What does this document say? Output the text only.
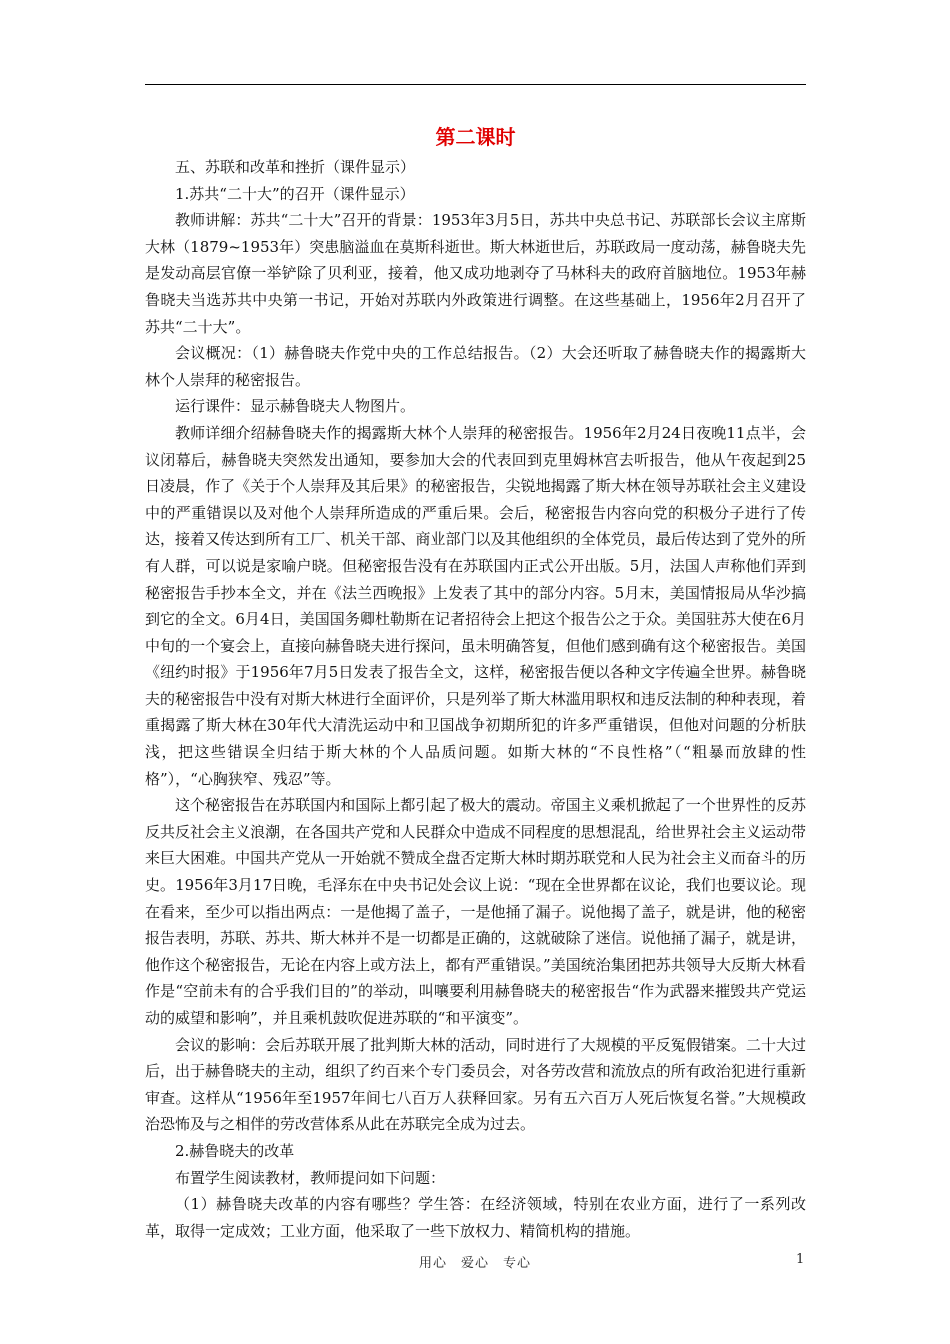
第二课时

五、苏联和改革和挫折（课件显示）

1.苏共“二十大”的召开（课件显示）

教师讲解：苏共“二十大”召开的背景：1953年3月5日，苏共中央总书记、苏联部长会议主席斯大林（1879~1953年）突患脑溢血在莫斯科逝世。斯大林逝世后，苏联政局一度动荡，赫鲁晓夫先是发动高层官僚一举铲除了贝利亚，接着，他又成功地剥夺了马林科夫的政府首脑地位。1953年赫鲁晓夫当选苏共中央第一书记，开始对苏联内外政策进行调整。在这些基础上，1956年2月召开了苏共“二十大”。

会议概况：（1）赫鲁晓夫作党中央的工作总结报告。（2）大会还听取了赫鲁晓夫作的揭露斯大林个人崇拜的秘密报告。

运行课件：显示赫鲁晓夫人物图片。

教师详细介绍赫鲁晓夫作的揭露斯大林个人崇拜的秘密报告。1956年2月24日夜晚11点半，会议闭幕后，赫鲁晓夫突然发出通知，要参加大会的代表回到克里姆林宫去听报告，他从午夜起到25日凌晨，作了《关于个人崇拜及其后果》的秘密报告，尖锐地揭露了斯大林在领导苏联社会主义建设中的严重错误以及对他个人崇拜所造成的严重后果。会后，秘密报告内容向党的积极分子进行了传达，接着又传达到所有工厂、机关干部、商业部门以及其他组织的全体党员，最后传达到了党外的所有人群，可以说是家喻户晓。但秘密报告没有在苏联国内正式公开出版。5月，法国人声称他们弄到秘密报告手抄本全文，并在《法兰西晚报》上发表了其中的部分内容。5月末，美国情报局从华沙搞到它的全文。6月4日，美国国务卿杜勒斯在记者招待会上把这个报告公之于众。美国驻苏大使在6月中旬的一个宴会上，直接向赫鲁晓夫进行探问，虽未明确答复，但他们感到确有这个秘密报告。美国《纽约时报》于1956年7月5日发表了报告全文，这样，秘密报告便以各种文字传遍全世界。赫鲁晓夫的秘密报告中没有对斯大林进行全面评价，只是列举了斯大林滥用职权和违反法制的种种表现，着重揭露了斯大林在30年代大清洗运动中和卫国战争初期所犯的许多严重错误，但他对问题的分析肤浅，把这些错误全归结于斯大林的个人品质问题。如斯大林的“不良性格”（“粗暴而放肆的性格”），“心胸狭窄、残忍”等。

这个秘密报告在苏联国内和国际上都引起了极大的震动。帝国主义乘机掀起了一个世界性的反苏反共反社会主义浪潮，在各国共产党和人民群众中造成不同程度的思想混乱，给世界社会主义运动带来巨大困难。中国共产党从一开始就不赞成全盘否定斯大林时期苏联党和人民为社会主义而奋斗的历史。1956年3月17日晚，毛泽东在中央书记处会议上说：“现在全世界都在议论，我们也要议论。现在看来，至少可以指出两点：一是他揭了盖子，一是他捅了漏子。说他揭了盖子，就是讲，他的秘密报告表明，苏联、苏共、斯大林并不是一切都是正确的，这就破除了迷信。说他捅了漏子，就是讲，他作这个秘密报告，无论在内容上或方法上，都有严重错误。”美国统治集团把苏共领导大反斯大林看作是“空前未有的合乎我们目的”的举动，叫嚷要利用赫鲁晓夫的秘密报告“作为武器来摧毁共产党运动的威望和影响”，并且乘机鼓吹促进苏联的“和平演变”。

会议的影响：会后苏联开展了批判斯大林的活动，同时进行了大规模的平反冤假错案。二十大过后，出于赫鲁晓夫的主动，组织了约百来个专门委员会，对各劳改营和流放点的所有政治犯进行重新审查。这样从“1956年至1957年间七八百万人获释回家。另有五六百万人死后恢复名誉。”大规模政治恐怖及与之相伴的劳改营体系从此在苏联完全成为过去。

2.赫鲁晓夫的改革

布置学生阅读教材，教师提问如下问题：

（1）赫鲁晓夫改革的内容有哪些？学生答：在经济领域，特别在农业方面，进行了一系列改革，取得一定成效；工业方面，他采取了一些下放权力、精简机构的措施。

用心　爱心　专心	1
